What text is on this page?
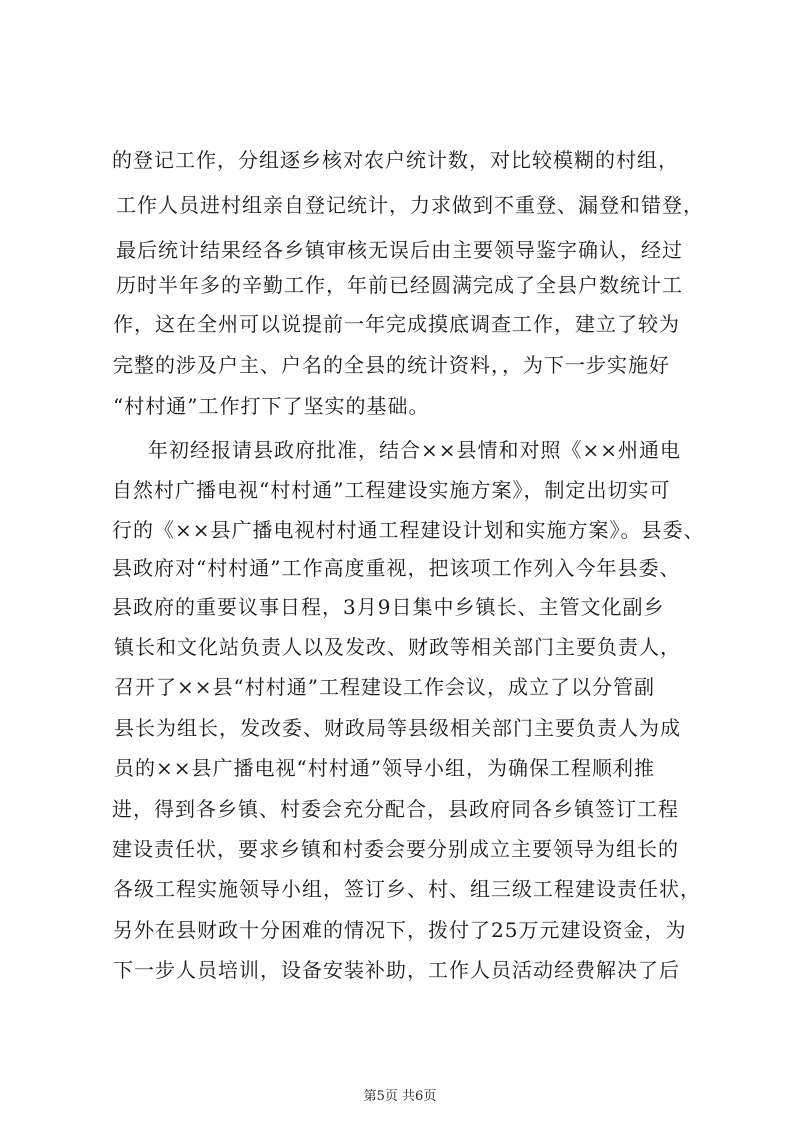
的登记工作，分组逐乡核对农户统计数，对比较模糊的村组，
工作人员进村组亲自登记统计，力求做到不重登、漏登和错登，
最后统计结果经各乡镇审核无误后由主要领导鉴字确认，经过
历时半年多的辛勤工作，年前已经圆满完成了全县户数统计工
作，这在全州可以说提前一年完成摸底调查工作，建立了较为
完整的涉及户主、户名的全县的统计资料，，为下一步实施好
“村村通”工作打下了坚实的基础。
年初经报请县政府批准，结合××县情和对照《××州通电
自然村广播电视“村村通”工程建设实施方案》，制定出切实可
行的《××县广播电视村村通工程建设计划和实施方案》。县委、
县政府对“村村通”工作高度重视，把该项工作列入今年县委、
县政府的重要议事日程，3月9日集中乡镇长、主管文化副乡
镇长和文化站负责人以及发改、财政等相关部门主要负责人，
召开了××县“村村通”工程建设工作会议，成立了以分管副
县长为组长，发改委、财政局等县级相关部门主要负责人为成
员的××县广播电视“村村通”领导小组，为确保工程顺利推
进，得到各乡镇、村委会充分配合，县政府同各乡镇签订工程
建设责任状，要求乡镇和村委会要分别成立主要领导为组长的
各级工程实施领导小组，签订乡、村、组三级工程建设责任状，
另外在县财政十分困难的情况下，拨付了25万元建设资金，为
下一步人员培训，设备安装补助，工作人员活动经费解决了后
第5页 共6页
